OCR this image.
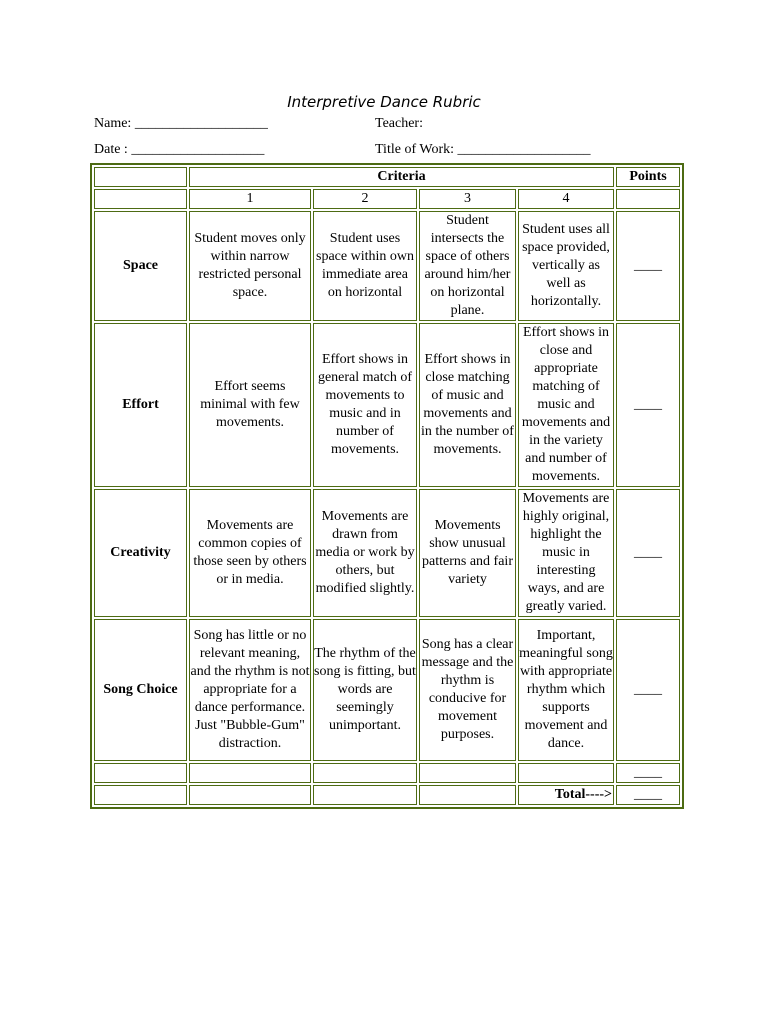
Interpretive Dance Rubric
Name: ___________________	Teacher:
Date : ___________________	Title of Work: ___________________
	Criteria				Points
	1	2	3	4	
Space	Student moves only within narrow restricted personal space.	Student uses space within own immediate area on horizontal	Student intersects the space of others around him/her on horizontal plane.	Student uses all space provided, vertically as well as horizontally.	____
Effort	Effort seems minimal with few movements.	Effort shows in general match of movements to music and in number of movements.	Effort shows in close matching of music and movements and in the number of movements.	Effort shows in close and appropriate matching of music and movements and in the variety and number of movements.	____
Creativity	Movements are common copies of those seen by others or in media.	Movements are drawn from media or work by others, but modified slightly.	Movements show unusual patterns and fair variety	Movements are highly original, highlight the music in interesting ways, and are greatly varied.	____
Song Choice	Song has little or no relevant meaning, and the rhythm is not appropriate for a dance performance. Just "Bubble-Gum" distraction.	The rhythm of the song is fitting, but words are seemingly unimportant.	Song has a clear message and the rhythm is conducive for movement purposes.	Important, meaningful song with appropriate rhythm which supports movement and dance.	____
					____
				Total---->	____
